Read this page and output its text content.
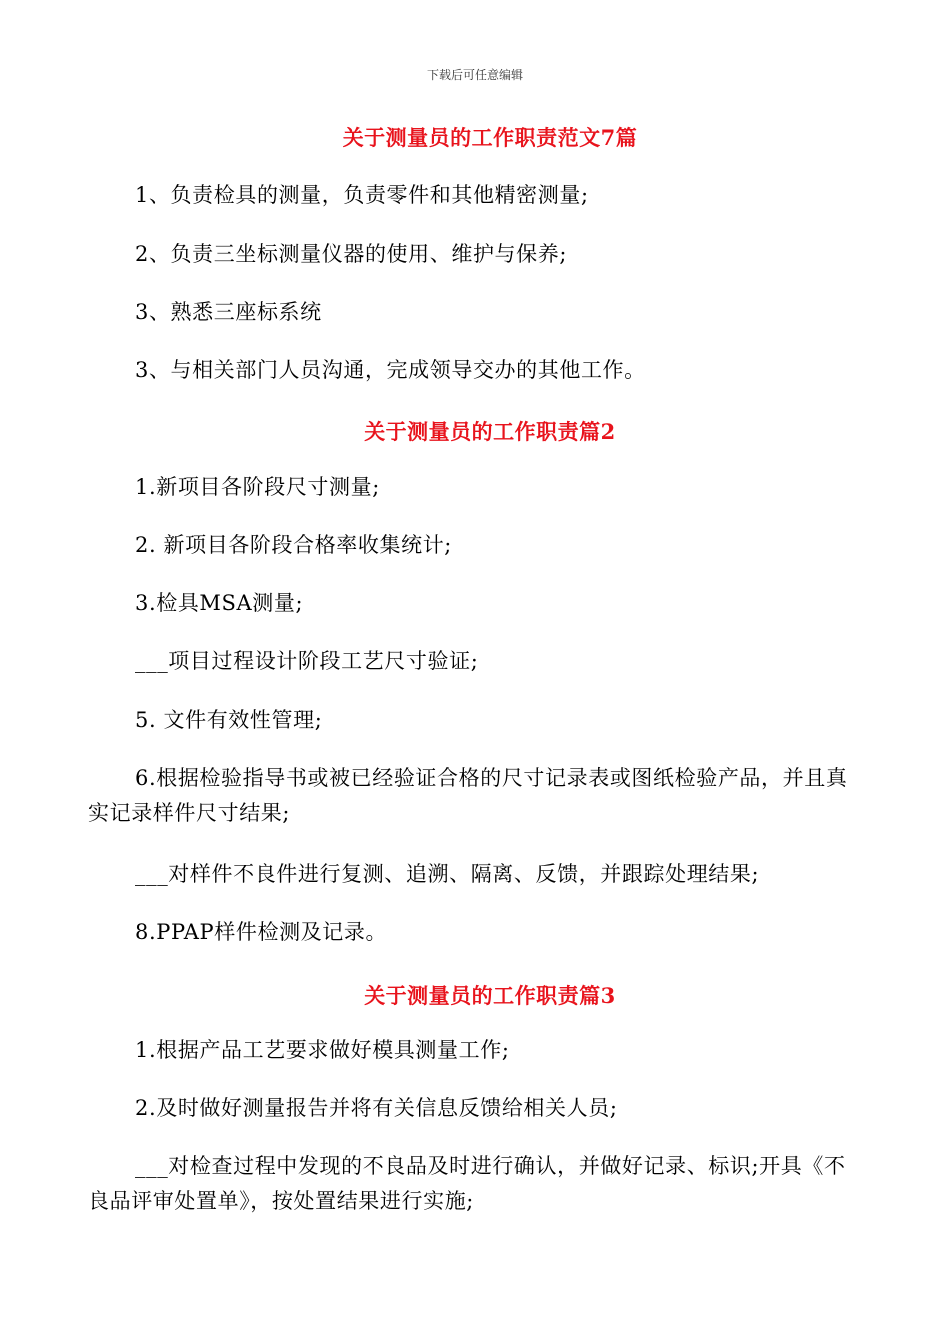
下载后可任意编辑
关于测量员的工作职责范文7篇
1、负责检具的测量，负责零件和其他精密测量;
2、负责三坐标测量仪器的使用、维护与保养;
3、熟悉三座标系统
3、与相关部门人员沟通，完成领导交办的其他工作。
关于测量员的工作职责篇2
1.新项目各阶段尺寸测量;
2. 新项目各阶段合格率收集统计;
3.检具MSA测量;
___项目过程设计阶段工艺尺寸验证;
5. 文件有效性管理;
6.根据检验指导书或被已经验证合格的尺寸记录表或图纸检验产品，并且真实记录样件尺寸结果;
___对样件不良件进行复测、追溯、隔离、反馈，并跟踪处理结果;
8.PPAP样件检测及记录。
关于测量员的工作职责篇3
1.根据产品工艺要求做好模具测量工作;
2.及时做好测量报告并将有关信息反馈给相关人员;
___对检查过程中发现的不良品及时进行确认，并做好记录、标识;开具《不良品评审处置单》，按处置结果进行实施;
